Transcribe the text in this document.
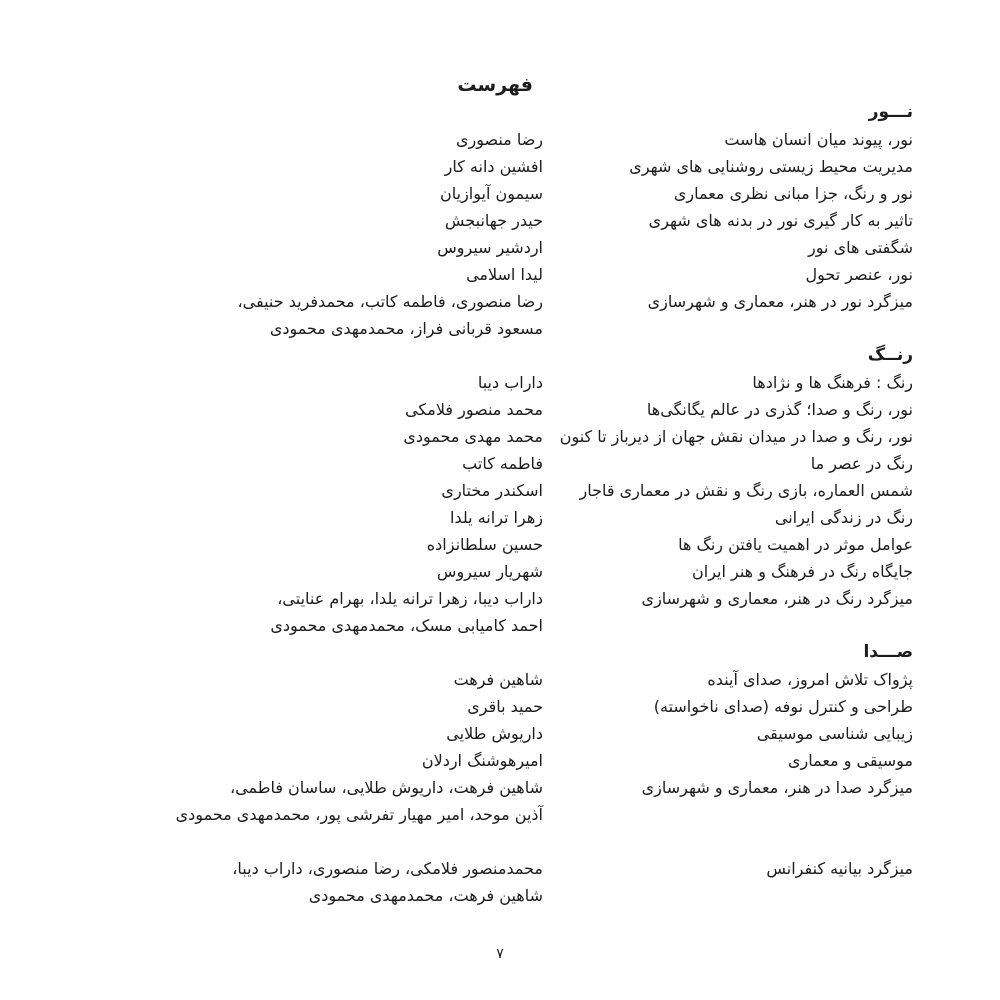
فهرست
نـــور
نور، پیوند میان انسان هاست
رضا منصوری
مدیریت محیط زیستی روشنایی های شهری
افشین دانه کار
نور و رنگ، جزا مبانی نظری معماری
سیمون آیوازیان
تاثیر به کار گیری نور در بدنه های شهری
حیدر جهانبجش
شگفتی های نور
اردشیر سیروس
نور، عنصر تحول
لیدا اسلامی
میزگرد نور در هنر، معماری و شهرسازی
رضا منصوری، فاطمه کاتب، محمدفرید حنیفی،
مسعود قربانی فراز، محمدمهدی محمودی
رنــگ
رنگ : فرهنگ ها و نژادها
داراب دیبا
نور، رنگ و صدا؛ گذری در عالم یگانگی‌ها
محمد منصور فلامکی
نور، رنگ و صدا در میدان نقش جهان از دیرباز تا کنون
محمد مهدی محمودی
رنگ در عصر ما
فاطمه کاتب
شمس العماره، بازی رنگ و نقش در معماری قاجار
اسکندر مختاری
رنگ در زندگی ایرانی
زهرا ترانه یلدا
عوامل موثر در اهمیت یافتن رنگ ها
حسین سلطانزاده
جایگاه رنگ در فرهنگ و هنر ایران
شهریار سیروس
میزگرد رنگ در هنر، معماری و شهرسازی
داراب دیبا، زهرا ترانه یلدا، بهرام عنایتی،
احمد کامیابی مسک، محمدمهدی محمودی
صـــدا
پژواک تلاش امروز، صدای آینده
شاهین فرهت
طراحی و کنترل نوفه (صدای ناخواسته)
حمید باقری
زیبایی شناسی موسیقی
داریوش طلایی
موسیقی و معماری
امیرهوشنگ اردلان
میزگرد صدا در هنر، معماری و شهرسازی
شاهین فرهت، داریوش طلایی، ساسان فاطمی،
آذین موحد، امیر مهیار تفرشی پور، محمدمهدی محمودی
میزگرد بیانیه کنفرانس
محمدمنصور فلامکی، رضا منصوری، داراب دیبا،
شاهین فرهت، محمدمهدی محمودی
۷
